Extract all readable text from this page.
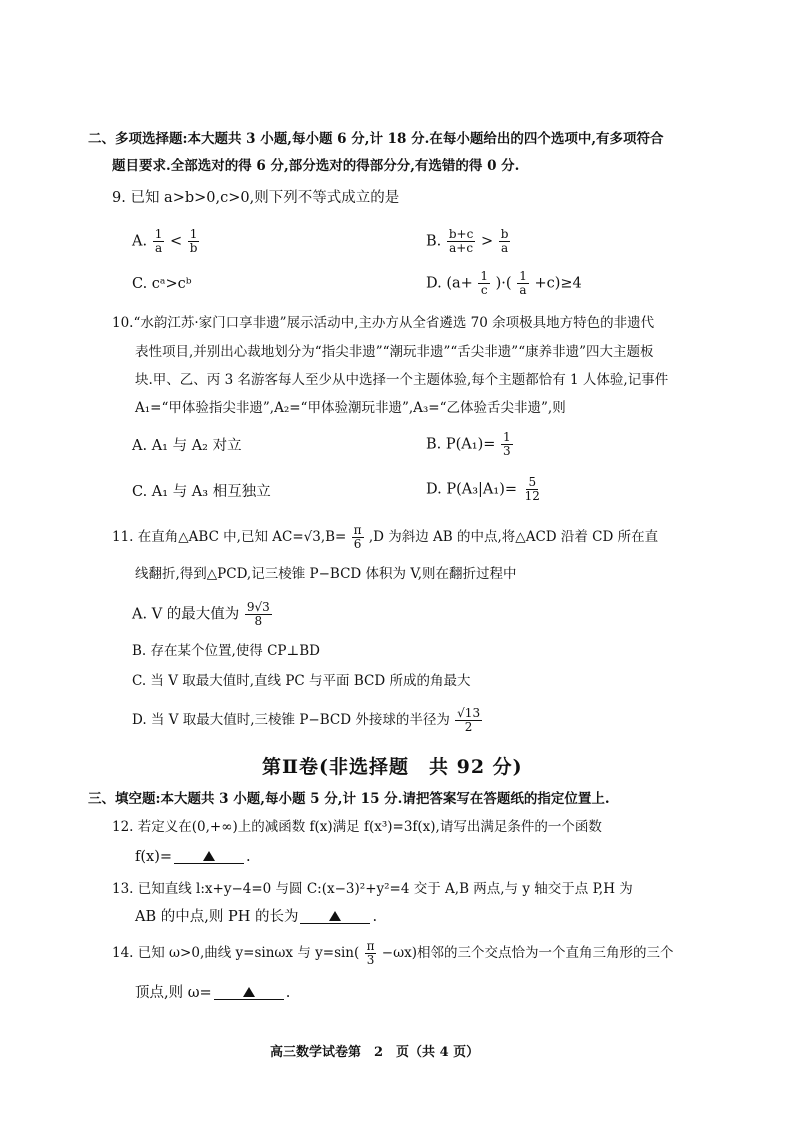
二、多项选择题:本大题共 3 小题,每小题 6 分,计 18 分.在每小题给出的四个选项中,有多项符合
题目要求.全部选对的得 6 分,部分选对的得部分分,有选错的得 0 分.
9. 已知 a>b>0,c>0,则下列不等式成立的是
A. $\frac{1}{a} < \frac{1}{b}$	B. $\frac{b+c}{a+c} > \frac{b}{a}$
C. cᵃ>cᵇ	D. ($a+ \frac{1}{c}$ )·( $\frac{1}{a} +c)\ge 4$
10.“水韵江苏·家门口享非遗”展示活动中,主办方从全省遴选 70 余项极具地方特色的非遗代
表性项目,并别出心裁地划分为“指尖非遗”“潮玩非遗”“舌尖非遗”“康养非遗”四大主题板
块.甲、乙、丙 3 名游客每人至少从中选择一个主题体验,每个主题都恰有 1 人体验,记事件
A₁=“甲体验指尖非遗”,A₂=“甲体验潮玩非遗”,A₃=“乙体验舌尖非遗”,则
A. A₁ 与 A₂ 对立	B. $P(A_1)= \frac{1}{3}$
C. A₁ 与 A₃ 相互独立	D. $P(A_3|A_1)= \frac{5}{12}$
11. 在直角△ABC 中,已知 $AC=√3,B= \frac{\pi}{6} ,D$ 为斜边 AB 的中点,将△ACD 沿着 CD 所在直
线翻折,得到△PCD,记三棱锥 P−BCD 体积为 V,则在翻折过程中
A. V 的最大值为 $\frac{9√3}{8}$
B. 存在某个位置,使得 CP⊥BD
C. 当 V 取最大值时,直线 PC 与平面 BCD 所成的角最大
D. 当 V 取最大值时,三棱锥 P−BCD 外接球的半径为 $\frac{√13}{2}$
第Ⅱ卷(非选择题　共 92 分)
三、填空题:本大题共 3 小题,每小题 5 分,计 15 分.请把答案写在答题纸的指定位置上.
12. 若定义在(0,+∞)上的减函数 f(x)满足 f(x³)=3f(x),请写出满足条件的一个函数
f(x)=	.
13. 已知直线 l:x+y−4=0 与圆 C:(x−3)²+y²=4 交于 A,B 两点,与 y 轴交于点 P,H 为
AB 的中点,则 PH 的长为	.
14. 已知 ω>0,曲线 y=sinωx 与 $y=\sin( \frac{\pi}{3} -\omega x)$相邻的三个交点恰为一个直角三角形的三个
顶点,则 ω=	.
高三数学试卷第　2　页（共 4 页）
